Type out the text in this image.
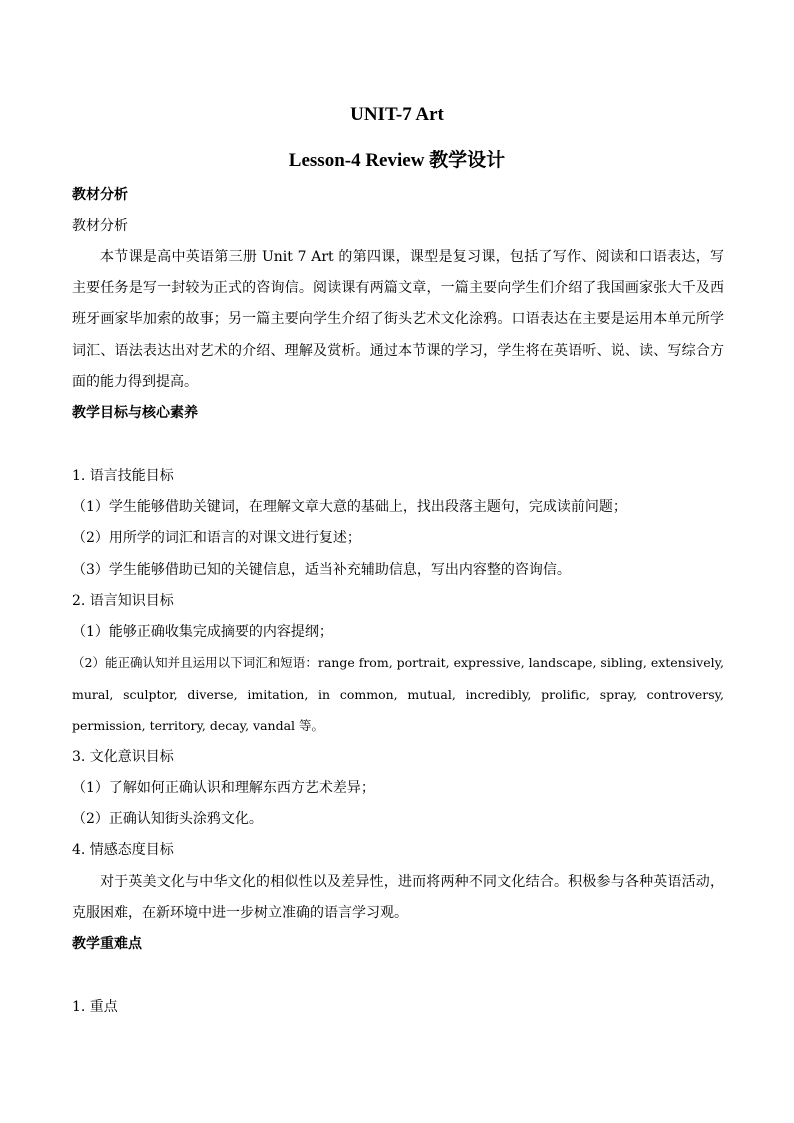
UNIT-7 Art
Lesson-4 Review 教学设计
教材分析
教材分析
本节课是高中英语第三册 Unit 7 Art 的第四课，课型是复习课，包括了写作、阅读和口语表达，写
主要任务是写一封较为正式的咨询信。阅读课有两篇文章，一篇主要向学生们介绍了我国画家张大千及西
班牙画家毕加索的故事；另一篇主要向学生介绍了街头艺术文化涂鸦。口语表达在主要是运用本单元所学
词汇、语法表达出对艺术的介绍、理解及赏析。通过本节课的学习，学生将在英语听、说、读、写综合方
面的能力得到提高。
教学目标与核心素养
1. 语言技能目标
（1）学生能够借助关键词，在理解文章大意的基础上，找出段落主题句，完成读前问题；
（2）用所学的词汇和语言的对课文进行复述；
（3）学生能够借助已知的关键信息，适当补充辅助信息，写出内容整的咨询信。
2. 语言知识目标
（1）能够正确收集完成摘要的内容提纲；
（2）能正确认知并且运用以下词汇和短语：range from, portrait, expressive, landscape, sibling, extensively,
mural, sculptor, diverse, imitation, in common, mutual, incredibly, prolific, spray, controversy,
permission, territory, decay, vandal 等。
3. 文化意识目标
（1）了解如何正确认识和理解东西方艺术差异；
（2）正确认知街头涂鸦文化。
4. 情感态度目标
对于英美文化与中华文化的相似性以及差异性，进而将两种不同文化结合。积极参与各种英语活动，
克服困难，在新环境中进一步树立准确的语言学习观。
教学重难点
1. 重点
